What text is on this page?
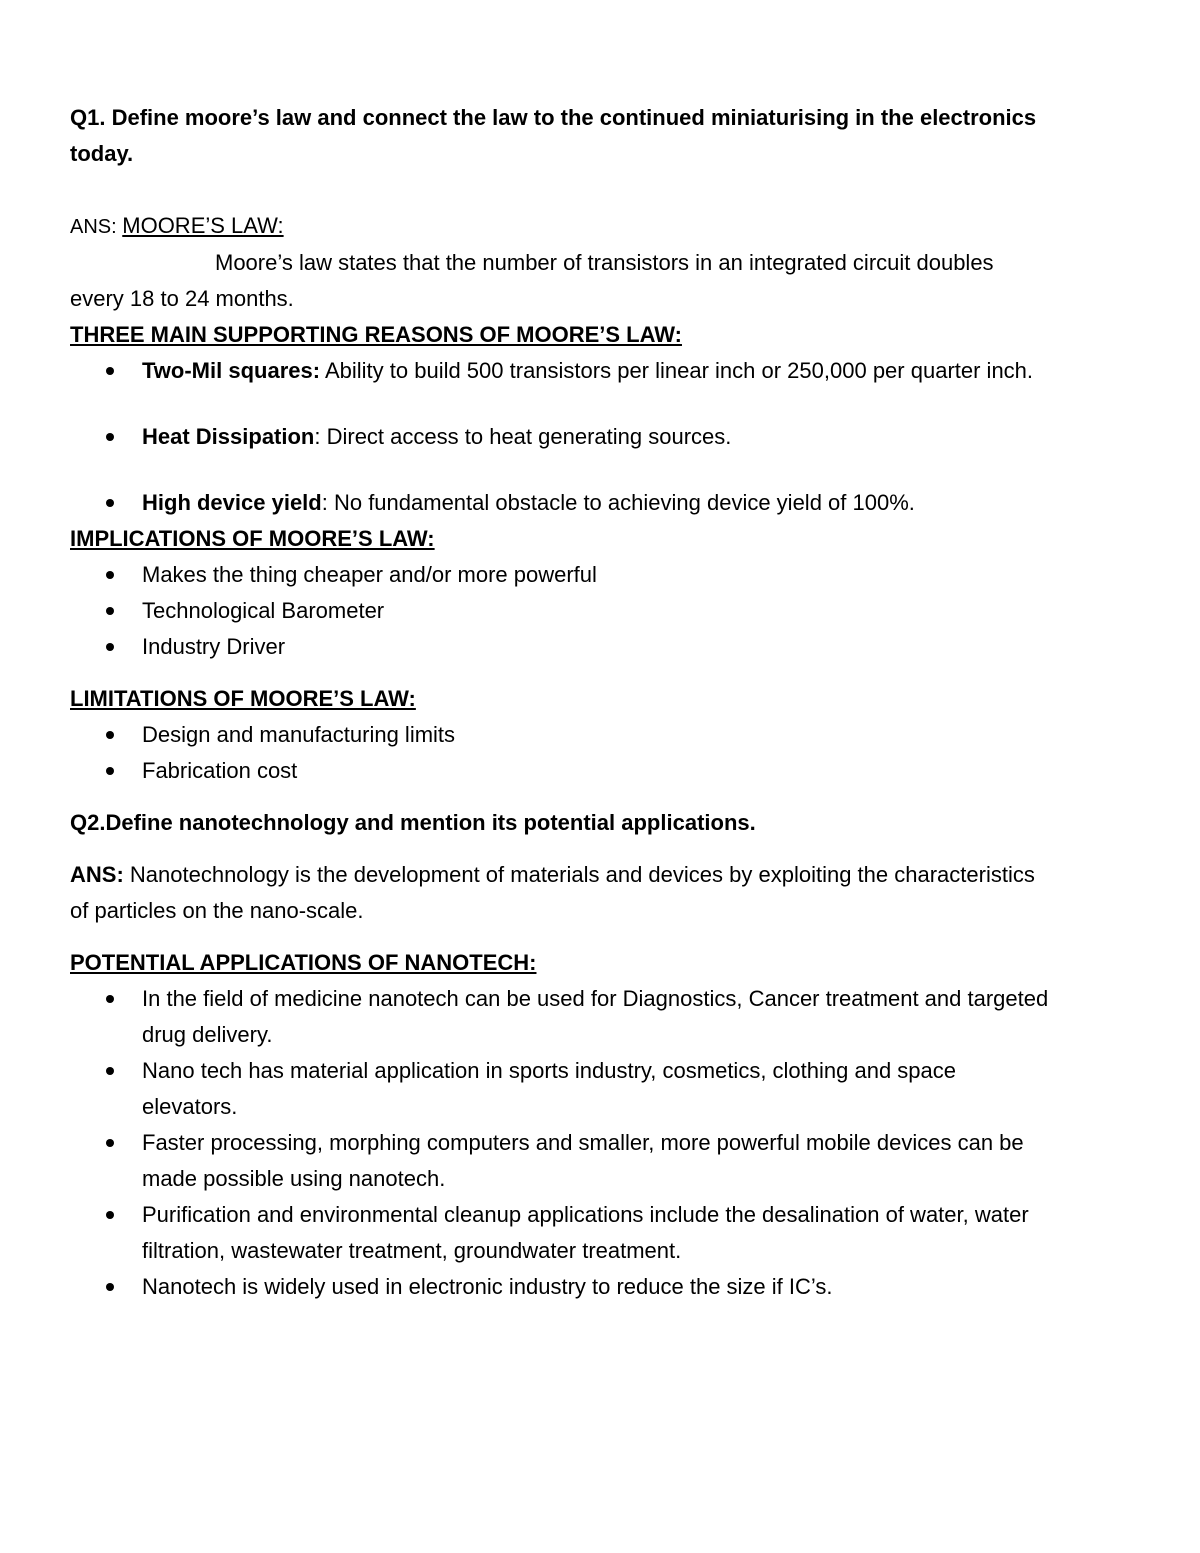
Q1. Define moore’s law and connect the law to the continued miniaturising in the electronics today.

ANS: MOORE’S LAW:

Moore’s law states that the number of transistors in an integrated circuit doubles every 18 to 24 months.

THREE MAIN SUPPORTING REASONS OF MOORE’S LAW:

Two-Mil squares: Ability to build 500 transistors per linear inch or 250,000 per quarter inch.
Heat Dissipation: Direct access to heat generating sources.
High device yield: No fundamental obstacle to achieving device yield of 100%.

IMPLICATIONS OF MOORE’S LAW:

Makes the thing cheaper and/or more powerful
Technological Barometer
Industry Driver

LIMITATIONS OF MOORE’S LAW:

Design and manufacturing limits
Fabrication cost

Q2.Define nanotechnology and mention its potential applications.

ANS: Nanotechnology is the development of materials and devices by exploiting the characteristics of particles on the nano-scale.

POTENTIAL APPLICATIONS OF NANOTECH:

In the field of medicine nanotech can be used for Diagnostics, Cancer treatment and targeted drug delivery.
Nano tech has material application in sports industry, cosmetics, clothing and space elevators.
Faster processing, morphing computers and smaller, more powerful mobile devices can be made possible using nanotech.
Purification and environmental cleanup applications include the desalination of water, water filtration, wastewater treatment, groundwater treatment.
Nanotech is widely used in electronic industry to reduce the size if IC’s.
